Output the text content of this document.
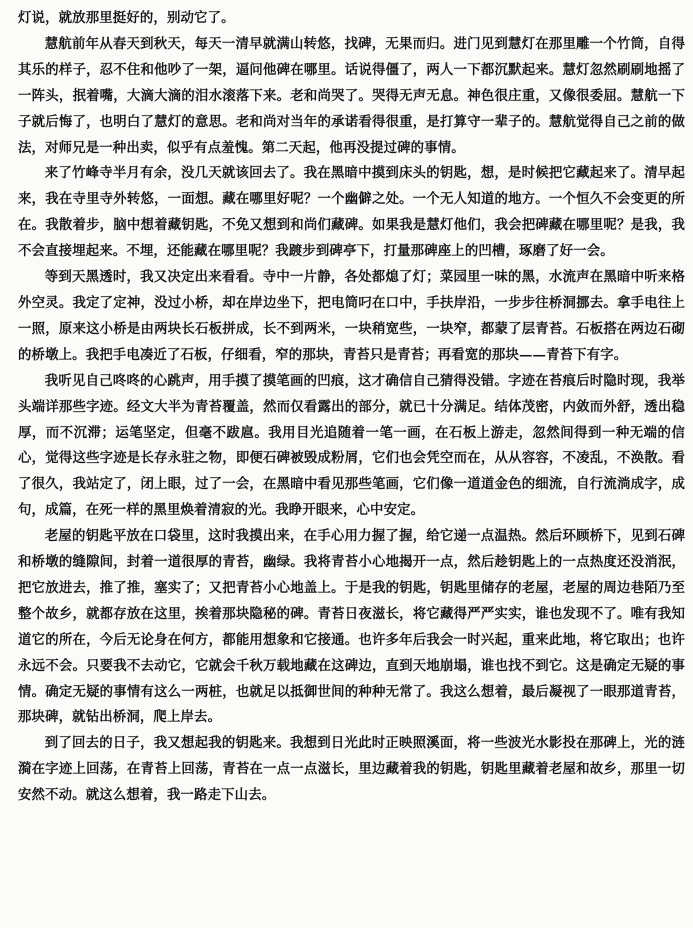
灯说，就放那里挺好的，别动它了。

慧航前年从春天到秋天，每天一清早就满山转悠，找碑，无果而归。进门见到慧灯在那里雕一个竹筒，自得其乐的样子，忍不住和他吵了一架，逼问他碑在哪里。话说得僵了，两人一下都沉默起来。慧灯忽然刷刷地摇了一阵头，抿着嘴，大滴大滴的泪水滚落下来。老和尚哭了。哭得无声无息。神色很庄重，又像很委屈。慧航一下子就后悔了，也明白了慧灯的意思。老和尚对当年的承诺看得很重，是打算守一辈子的。慧航觉得自己之前的做法，对师兄是一种出卖，似乎有点羞愧。第二天起，他再没提过碑的事情。

来了竹峰寺半月有余，没几天就该回去了。我在黑暗中摸到床头的钥匙，想，是时候把它藏起来了。清早起来，我在寺里寺外转悠，一面想。藏在哪里好呢？一个幽僻之处。一个无人知道的地方。一个恒久不会变更的所在。我散着步，脑中想着藏钥匙，不免又想到和尚们藏碑。如果我是慧灯他们，我会把碑藏在哪里呢？是我，我不会直接埋起来。不埋，还能藏在哪里呢？我踱步到碑亭下，打量那碑座上的凹槽，琢磨了好一会。

等到天黑透时，我又决定出来看看。寺中一片静，各处都熄了灯；菜园里一味的黑，水流声在黑暗中听来格外空灵。我定了定神，没过小桥，却在岸边坐下，把电筒叼在口中，手扶岸沿，一步步往桥洞挪去。拿手电往上一照，原来这小桥是由两块长石板拼成，长不到两米，一块稍宽些，一块窄，都蒙了层青苔。石板搭在两边石砌的桥墩上。我把手电凑近了石板，仔细看，窄的那块，青苔只是青苔；再看宽的那块——青苔下有字。

我听见自己咚咚的心跳声，用手摸了摸笔画的凹痕，这才确信自己猜得没错。字迹在苔痕后时隐时现，我举头端详那些字迹。经文大半为青苔覆盖，然而仅看露出的部分，就已十分满足。结体茂密，内敛而外舒，透出稳厚，而不沉滞；运笔坚定，但毫不跋扈。我用目光追随着一笔一画，在石板上游走，忽然间得到一种无端的信心，觉得这些字迹是长存永驻之物，即便石碑被毁成粉屑，它们也会凭空而在，从从容容，不凌乱，不涣散。看了很久，我站定了，闭上眼，过了一会，在黑暗中看见那些笔画，它们像一道道金色的细流，自行流淌成字，成句，成篇，在死一样的黑里焕着清寂的光。我睁开眼来，心中安定。

老屋的钥匙平放在口袋里，这时我摸出来，在手心用力握了握，给它递一点温热。然后环顾桥下，见到石碑和桥墩的缝隙间，封着一道很厚的青苔，幽绿。我将青苔小心地揭开一点，然后趁钥匙上的一点热度还没消泯，把它放进去，推了推，塞实了；又把青苔小心地盖上。于是我的钥匙，钥匙里储存的老屋，老屋的周边巷陌乃至整个故乡，就都存放在这里，挨着那块隐秘的碑。青苔日夜滋长，将它藏得严严实实，谁也发现不了。唯有我知道它的所在，今后无论身在何方，都能用想象和它接通。也许多年后我会一时兴起，重来此地，将它取出；也许永远不会。只要我不去动它，它就会千秋万载地藏在这碑边，直到天地崩塌，谁也找不到它。这是确定无疑的事情。确定无疑的事情有这么一两桩，也就足以抵御世间的种种无常了。我这么想着，最后凝视了一眼那道青苔，那块碑，就钻出桥洞，爬上岸去。

到了回去的日子，我又想起我的钥匙来。我想到日光此时正映照溪面，将一些波光水影投在那碑上，光的涟漪在字迹上回荡，在青苔上回荡，青苔在一点一点滋长，里边藏着我的钥匙，钥匙里藏着老屋和故乡，那里一切安然不动。就这么想着，我一路走下山去。
